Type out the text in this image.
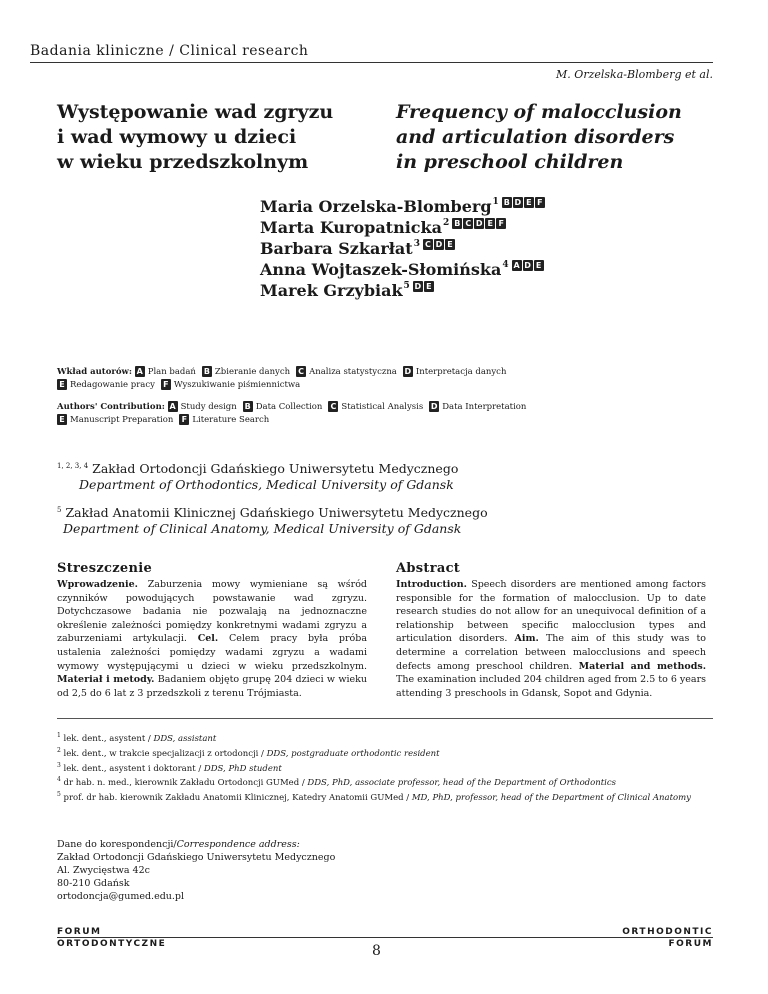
Badania kliniczne / Clinical research
M. Orzelska-Blomberg et al.
Występowanie wad zgryzu
i wad wymowy u dzieci
w wieku przedszkolnym
Frequency of malocclusion
and articulation disorders
in preschool children
Maria Orzelska-Blomberg$^1$ B D E F
Marta Kuropatnicka$^2$ B C D E F
Barbara Szkarłat$^3$ C D E
Anna Wojtaszek-Słomińska$^4$ A D E
Marek Grzybiak$^5$ D E
Wkład autorów: A Plan badań B Zbieranie danych C Analiza statystyczna D Interpretacja danych
E Redagowanie pracy F Wyszukiwanie piśmiennictwa
Authors' Contribution: A Study design B Data Collection C Statistical Analysis D Data Interpretation
E Manuscript Preparation F Literature Search
$^{1, 2, 3, 4}$ Zakład Ortodoncji Gdańskiego Uniwersytetu Medycznego
Department of Orthodontics, Medical University of Gdansk
$^5$ Zakład Anatomii Klinicznej Gdańskiego Uniwersytetu Medycznego
Department of Clinical Anatomy, Medical University of Gdansk
Streszczenie
Wprowadzenie. Zaburzenia mowy wymieniane są wśród czynników powodujących powstawanie wad zgryzu. Dotychczasowe badania nie pozwalają na jednoznaczne określenie zależności pomiędzy konkretnymi wadami zgryzu a zaburzeniami artykulacji. Cel. Celem pracy była próba ustalenia zależności pomiędzy wadami zgryzu a wadami wymowy występującymi u dzieci w wieku przedszkolnym. Materiał i metody. Badaniem objęto grupę 204 dzieci w wieku od 2,5 do 6 lat z 3 przedszkoli z terenu Trójmiasta.
Abstract
Introduction. Speech disorders are mentioned among factors responsible for the formation of malocclusion. Up to date research studies do not allow for an unequivocal definition of a relationship between specific malocclusion types and articulation disorders. Aim. The aim of this study was to determine a correlation between malocclusions and speech defects among preschool children. Material and methods. The examination included 204 children aged from 2.5 to 6 years attending 3 preschools in Gdansk, Sopot and Gdynia.
$^1$ lek. dent., asystent / DDS, assistant
$^2$ lek. dent., w trakcie specjalizacji z ortodoncji / DDS, postgraduate orthodontic resident
$^3$ lek. dent., asystent i doktorant / DDS, PhD student
$^4$ dr hab. n. med., kierownik Zakładu Ortodoncji GUMed / DDS, PhD, associate professor, head of the Department of Orthodontics
$^5$ prof. dr hab. kierownik Zakładu Anatomii Klinicznej, Katedry Anatomii GUMed / MD, PhD, professor, head of the Department of Clinical Anatomy
Dane do korespondencji/Correspondence address:
Zakład Ortodoncji Gdańskiego Uniwersytetu Medycznego
Al. Zwycięstwa 42c
80-210 Gdańsk
ortodoncja@gumed.edu.pl
FORUM
ORTODONTYCZNE
ORTHODONTIC
FORUM
8
